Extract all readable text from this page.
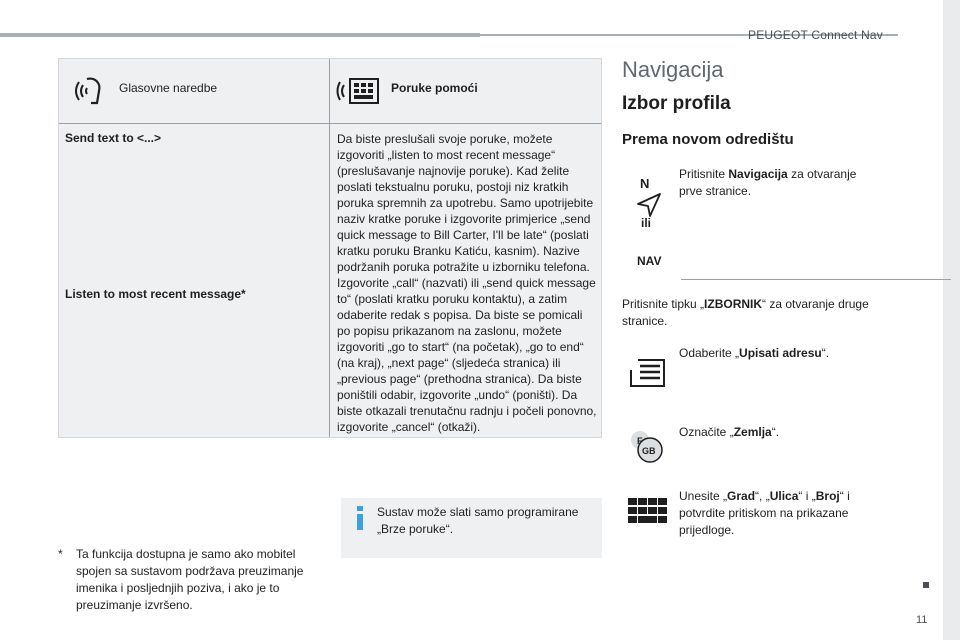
PEUGEOT Connect Nav
Glasovne naredbe	Poruke pomoći
Send text to <...>
Listen to most recent message*
Da biste preslušali svoje poruke, možete izgovoriti „listen to most recent message“ (preslušavanje najnovije poruke). Kad želite poslati tekstualnu poruku, postoji niz kratkih poruka spremnih za upotrebu. Samo upotrijebite naziv kratke poruke i izgovorite primjerice „send quick message to Bill Carter, I'll be late“ (poslati kratku poruku Branku Katiću, kasnim). Nazive podržanih poruka potražite u izborniku telefona. Izgovorite „call“ (nazvati) ili „send quick message to“ (poslati kratku poruku kontaktu), a zatim odaberite redak s popisa. Da biste se pomicali po popisu prikazanom na zaslonu, možete izgovoriti „go to start“ (na početak), „go to end“ (na kraj), „next page“ (sljedeća stranica) ili „previous page“ (prethodna stranica). Da biste poništili odabir, izgovorite „undo“ (poništi). Da biste otkazali trenutačnu radnju i počeli ponovno, izgovorite „cancel“ (otkaži).
* Ta funkcija dostupna je samo ako mobitel spojen sa sustavom podržava preuzimanje imenika i posljednjih poziva, i ako je to preuzimanje izvršeno.
Sustav može slati samo programirane „Brze poruke“.
Navigacija
Izbor profila
Prema novom odredištu
N
ili
NAV
Pritisnite Navigacija za otvaranje prve stranice.
Pritisnite tipku „IZBORNIK“ za otvaranje druge stranice.
Odaberite „Upisati adresu“.
F
GB
Označite „Zemlja“.
Unesite „Grad“, „Ulica“ i „Broj“ i potvrdite pritiskom na prikazane prijedloge.
11
